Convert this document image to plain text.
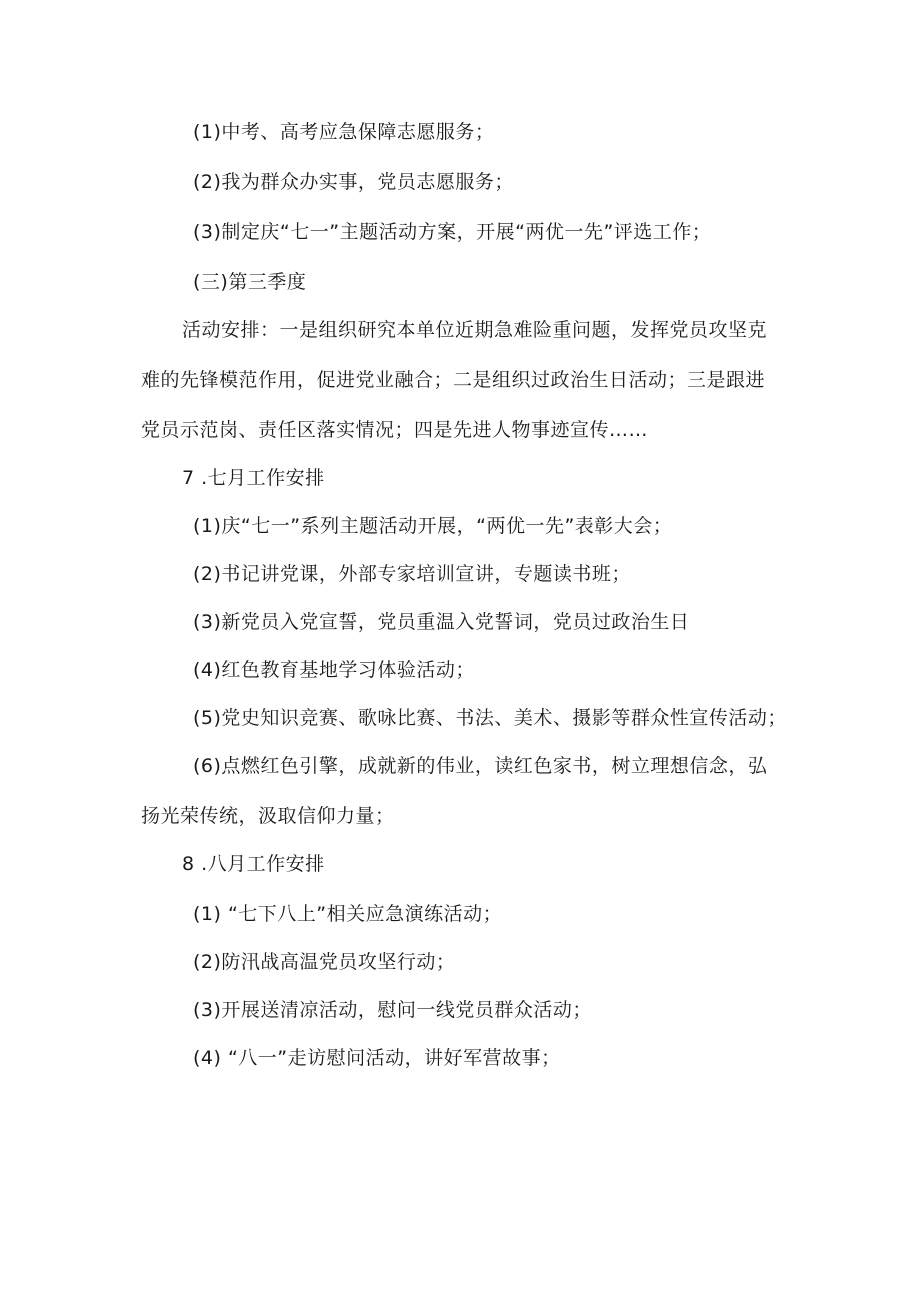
(1)中考、高考应急保障志愿服务；
(2)我为群众办实事，党员志愿服务；
(3)制定庆“七一”主题活动方案，开展“两优一先”评选工作；
(三)第三季度
活动安排：一是组织研究本单位近期急难险重问题，发挥党员攻坚克
难的先锋模范作用，促进党业融合；二是组织过政治生日活动；三是跟进
党员示范岗、责任区落实情况；四是先进人物事迹宣传……
7 .七月工作安排
(1)庆“七一”系列主题活动开展，“两优一先”表彰大会；
(2)书记讲党课，外部专家培训宣讲，专题读书班；
(3)新党员入党宣誓，党员重温入党誓词，党员过政治生日
(4)红色教育基地学习体验活动；
(5)党史知识竞赛、歌咏比赛、书法、美术、摄影等群众性宣传活动；
(6)点燃红色引擎，成就新的伟业，读红色家书，树立理想信念，弘
扬光荣传统，汲取信仰力量；
8 .八月工作安排
(1) “七下八上”相关应急演练活动；
(2)防汛战高温党员攻坚行动；
(3)开展送清凉活动，慰问一线党员群众活动；
(4) “八一”走访慰问活动，讲好军营故事；
